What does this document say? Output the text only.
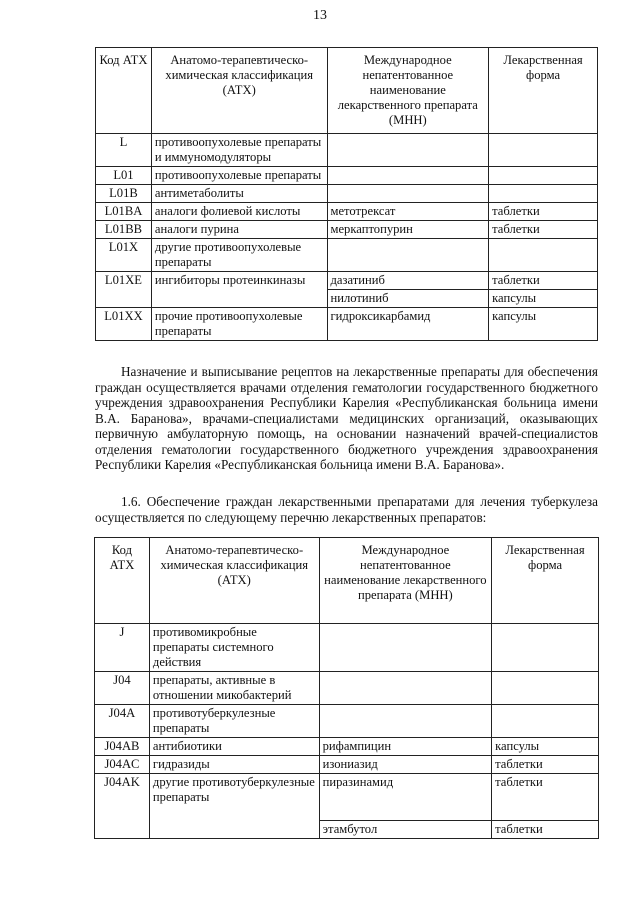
13
Код АТХ	Анатомо-терапевтическо-химическая классификация (АТХ)	Международное непатентованное наименование лекарственного препарата (МНН)	Лекарственная форма
L	противоопухолевые препараты и иммуномодуляторы		
L01	противоопухолевые препараты		
L01B	антиметаболиты		
L01BA	аналоги фолиевой кислоты	метотрексат	таблетки
L01BB	аналоги пурина	меркаптопурин	таблетки
L01X	другие противоопухолевые препараты		
L01XE	ингибиторы протеинкиназы	дазатиниб	таблетки
		нилотиниб	капсулы
L01XX	прочие противоопухолевые препараты	гидроксикарбамид	капсулы

Назначение и выписывание рецептов на лекарственные препараты для обеспечения граждан осуществляется врачами отделения гематологии государственного бюджетного учреждения здравоохранения Республики Карелия «Республиканская больница имени В.А. Баранова», врачами-специалистами медицинских организаций, оказывающих первичную амбулаторную помощь, на основании назначений врачей-специалистов отделения гематологии государственного бюджетного учреждения здравоохранения Республики Карелия «Республиканская больница имени В.А. Баранова».

1.6. Обеспечение граждан лекарственными препаратами для лечения туберкулеза осуществляется по следующему перечню лекарственных препаратов:

Код АТХ	Анатомо-терапевтическо-химическая классификация (АТХ)	Международное непатентованное наименование лекарственного препарата (МНН)	Лекарственная форма
J	противомикробные препараты системного действия		
J04	препараты, активные в отношении микобактерий		
J04A	противотуберкулезные препараты		
J04AB	антибиотики	рифампицин	капсулы
J04AC	гидразиды	изониазид	таблетки
J04AK	другие противотуберкулезные препараты	пиразинамид	таблетки
		этамбутол	таблетки
